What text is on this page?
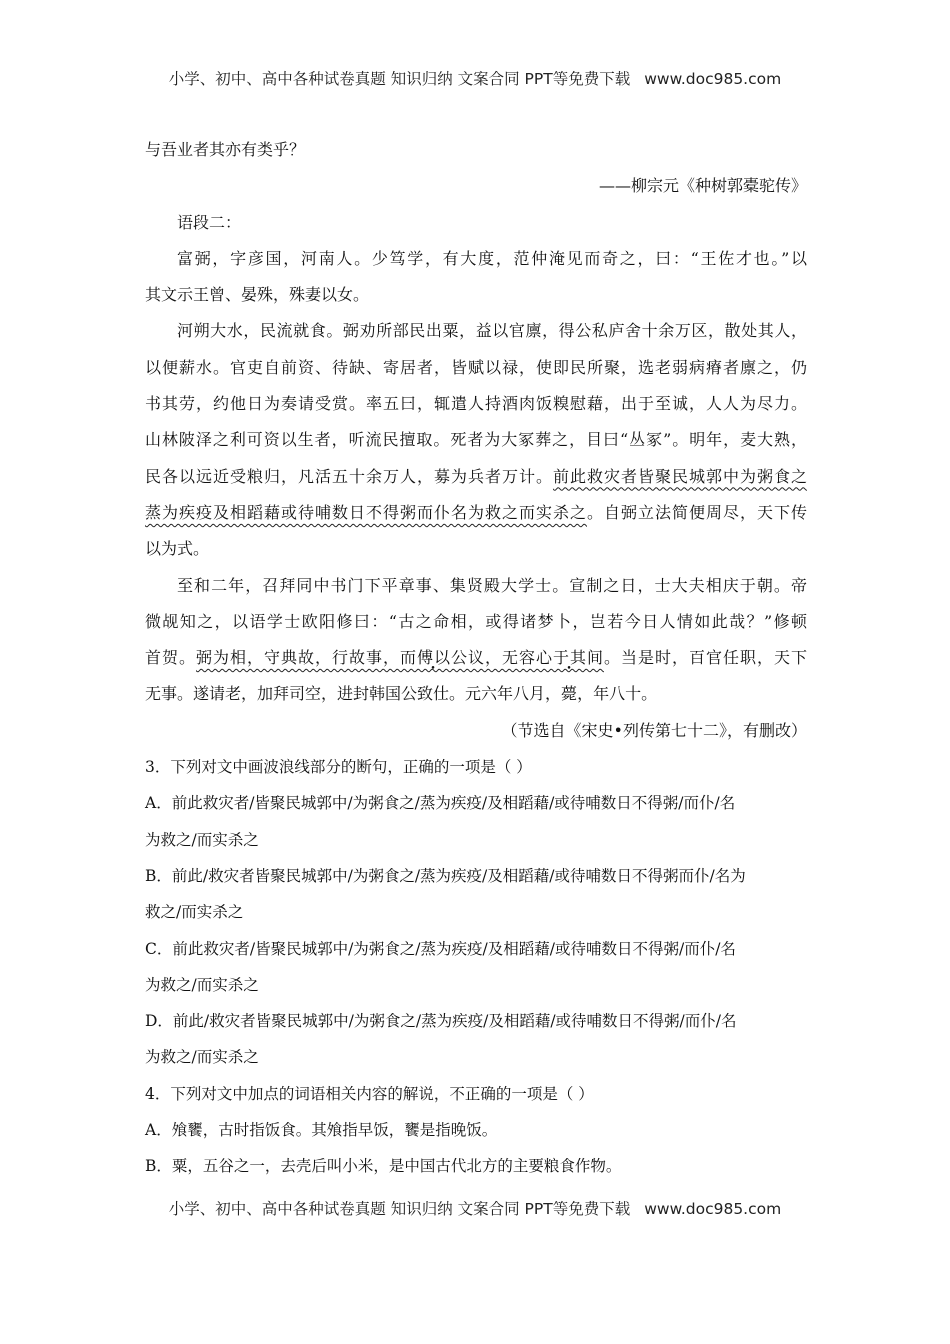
小学、初中、高中各种试卷真题 知识归纳 文案合同 PPT等免费下载 www.doc985.com
与吾业者其亦有类乎？
——柳宗元《种树郭橐驼传》
语段二：
富弼，字彦国，河南人。少笃学，有大度，范仲淹见而奇之，曰：“王佐才也。”以
其文示王曾、晏殊，殊妻以女。
河朔大水，民流就食。弼劝所部民出粟，益以官廪，得公私庐舍十余万区，散处其人，
以便薪水。官吏自前资、待缺、寄居者，皆赋以禄，使即民所聚，选老弱病瘠者廪之，仍
书其劳，约他日为奏请受赏。率五曰，辄遣人持酒肉饭糗慰藉，出于至诚，人人为尽力。
山林陂泽之利可资以生者，听流民擅取。死者为大冢葬之，目曰“丛冢”。明年，麦大熟，
民各以远近受粮归，凡活五十余万人，募为兵者万计。前此救灾者皆聚民城郭中为粥食之
蒸为疾疫及相蹈藉或待哺数日不得粥而仆名为救之而实杀之。自弼立法简便周尽，天下传
以为式。
至和二年，召拜同中书门下平章事、集贤殿大学士。宣制之日，士大夫相庆于朝。帝
微觇知之，以语学士欧阳修曰：“古之命相，或得诸梦卜，岂若今日人情如此哉？”修顿
首贺。弼为相，守典故，行故事，而傅以公议，无容心于其间。当是时，百官任职，天下
无事。遂请老，加拜司空，进封韩国公致仕。元六年八月，薨，年八十。
（节选自《宋史•列传第七十二》，有删改）
3．下列对文中画波浪线部分的断句，正确的一项是（ ）
A．前此救灾者/皆聚民城郭中/为粥食之/蒸为疾疫/及相蹈藉/或待哺数日不得粥/而仆/名
为救之/而实杀之
B．前此/救灾者皆聚民城郭中/为粥食之/蒸为疾疫/及相蹈藉/或待哺数日不得粥而仆/名为
救之/而实杀之
C．前此救灾者/皆聚民城郭中/为粥食之/蒸为疾疫/及相蹈藉/或待哺数日不得粥/而仆/名
为救之/而实杀之
D．前此/救灾者皆聚民城郭中/为粥食之/蒸为疾疫/及相蹈藉/或待哺数日不得粥/而仆/名
为救之/而实杀之
4．下列对文中加点的词语相关内容的解说，不正确的一项是（ ）
A．飧饔，古时指饭食。其飧指早饭，饔是指晚饭。
B．粟，五谷之一，去壳后叫小米，是中国古代北方的主要粮食作物。
小学、初中、高中各种试卷真题 知识归纳 文案合同 PPT等免费下载 www.doc985.com
